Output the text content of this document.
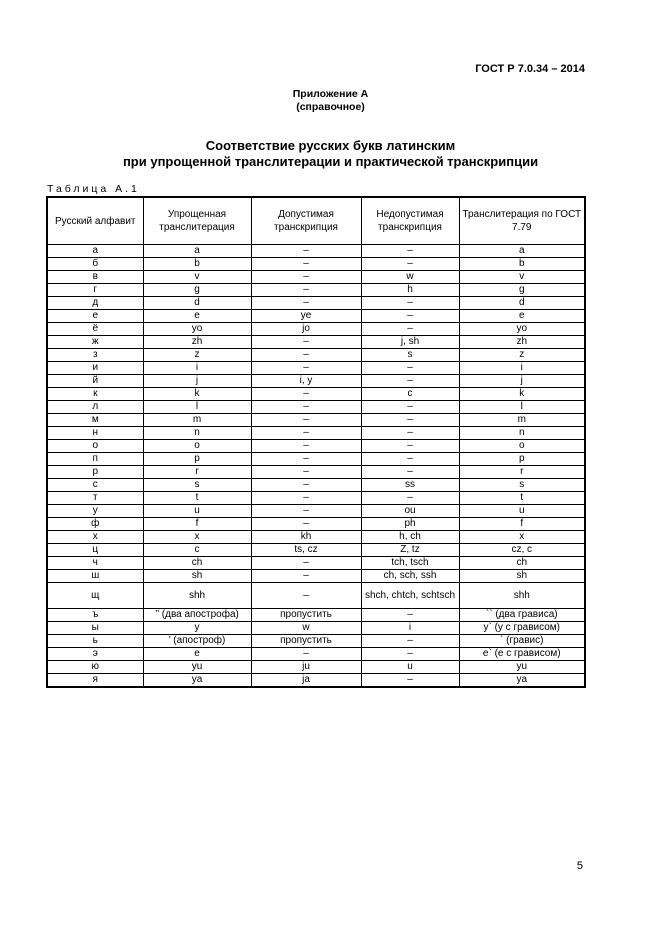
ГОСТ Р 7.0.34 – 2014
Приложение А
(справочное)
Соответствие русских букв латинским
при упрощенной транслитерации и практической транскрипции
Таблица А.1
Русский алфавит	Упрощенная транслитерация	Допустимая транскрипция	Недопустимая транскрипция	Транслитерация по ГОСТ 7.79
а	a	–	–	a
б	b	–	–	b
в	v	–	w	v
г	g	–	h	g
д	d	–	–	d
е	e	ye	–	e
ё	yo	jo	–	yo
ж	zh	–	j, sh	zh
з	z	–	s	z
и	i	–	–	i
й	j	i, y	–	j
к	k	–	c	k
л	l	–	–	l
м	m	–	–	m
н	n	–	–	n
о	o	–	–	o
п	p	–	–	p
р	r	–	–	r
с	s	–	ss	s
т	t	–	–	t
у	u	–	ou	u
ф	f	–	ph	f
х	x	kh	h, ch	x
ц	c	ts, cz	Z, tz	cz, c
ч	ch	–	tch, tsch	ch
ш	sh	–	ch, sch, ssh	sh
щ	shh	–	shch, chtch, schtsch	shh
ъ	’’ (два апострофа)	пропустить	–	`` (два грависа)
ы	y	w	i	y` (у с грависом)
ь	’ (апостроф)	пропустить	–	` (гравис)
э	e	–	–	e` (е с грависом)
ю	yu	ju	u	yu
я	ya	ja	–	ya
5
